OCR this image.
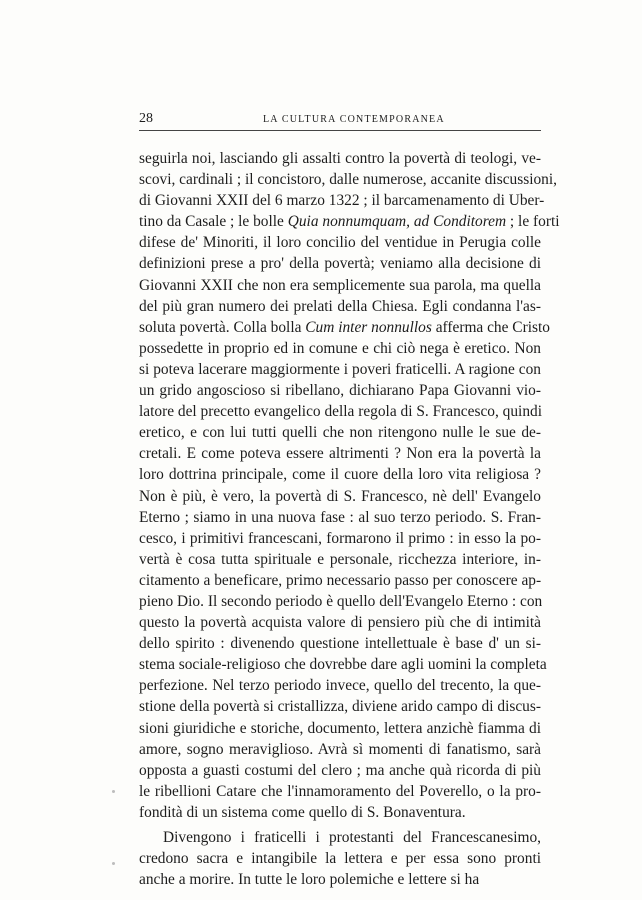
28	LA CULTURA CONTEMPORANEA
seguirla noi, lasciando gli assalti contro la povertà di teologi, ve-
scovi, cardinali ; il concistoro, dalle numerose, accanite discussioni,
di Giovanni XXII del 6 marzo 1322 ; il barcamenamento di Uber-
tino da Casale ; le bolle Quia nonnumquam, ad Conditorem ; le forti
difese de' Minoriti, il loro concilio del ventidue in Perugia colle
definizioni prese a pro' della povertà; veniamo alla decisione di
Giovanni XXII che non era semplicemente sua parola, ma quella
del più gran numero dei prelati della Chiesa. Egli condanna l'as-
soluta povertà. Colla bolla Cum inter nonnullos afferma che Cristo
possedette in proprio ed in comune e chi ciò nega è eretico. Non
si poteva lacerare maggiormente i poveri fraticelli. A ragione con
un grido angoscioso si ribellano, dichiarano Papa Giovanni vio-
latore del precetto evangelico della regola di S. Francesco, quindi
eretico, e con lui tutti quelli che non ritengono nulle le sue de-
cretali. E come poteva essere altrimenti ? Non era la povertà la
loro dottrina principale, come il cuore della loro vita religiosa ?
Non è più, è vero, la povertà di S. Francesco, nè dell' Evangelo
Eterno ; siamo in una nuova fase : al suo terzo periodo. S. Fran-
cesco, i primitivi francescani, formarono il primo : in esso la po-
vertà è cosa tutta spirituale e personale, ricchezza interiore, in-
citamento a beneficare, primo necessario passo per conoscere ap-
pieno Dio. Il secondo periodo è quello dell'Evangelo Eterno : con
questo la povertà acquista valore di pensiero più che di intimità
dello spirito : divenendo questione intellettuale è base d' un si-
stema sociale-religioso che dovrebbe dare agli uomini la completa
perfezione. Nel terzo periodo invece, quello del trecento, la que-
stione della povertà si cristallizza, diviene arido campo di discus-
sioni giuridiche e storiche, documento, lettera anzichè fiamma di
amore, sogno meraviglioso. Avrà sì momenti di fanatismo, sarà
opposta a guasti costumi del clero ; ma anche quà ricorda di più
le ribellioni Catare che l'innamoramento del Poverello, o la pro-
fondità di un sistema come quello di S. Bonaventura.
Divengono i fraticelli i protestanti del Francescanesimo,
credono sacra e intangibile la lettera e per essa sono pronti
anche a morire. In tutte le loro polemiche e lettere si ha
